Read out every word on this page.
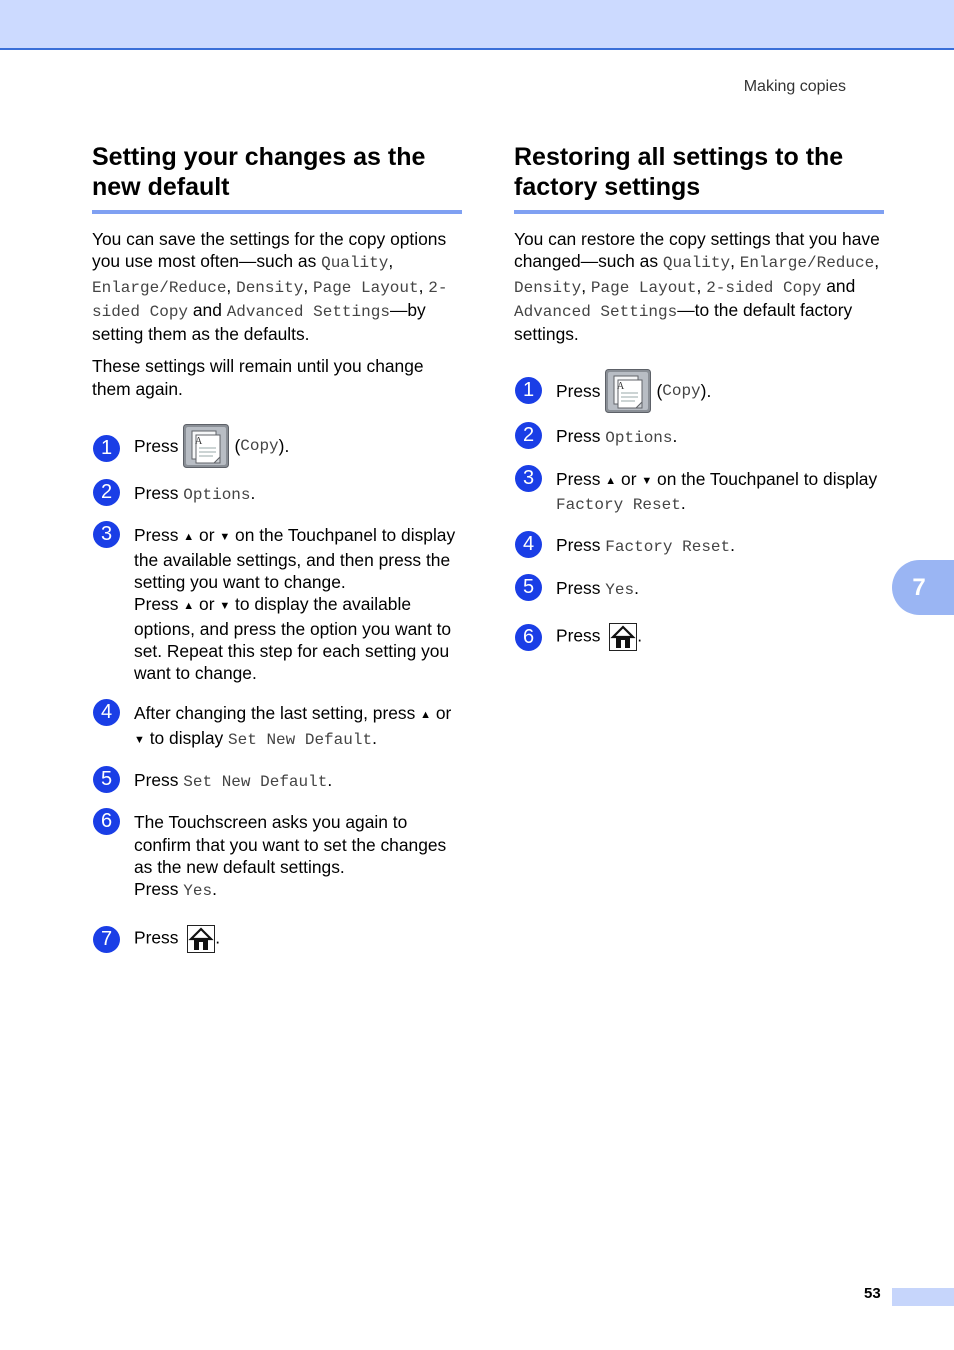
Making copies
Setting your changes as the new default

You can save the settings for the copy options you use most often—such as Quality, Enlarge/Reduce, Density, Page Layout, 2-sided Copy and Advanced Settings—by setting them as the defaults.

These settings will remain until you change them again.

1	Press A ( Copy ).
2	Press Options.
3	Press ▲ or ▼ on the Touchpanel to display the available settings, and then press the setting you want to change.
Press ▲ or ▼ to display the available options, and press the option you want to set. Repeat this step for each setting you want to change.
4	After changing the last setting, press ▲ or ▼ to display Set New Default.
5	Press Set New Default.
6	The Touchscreen asks you again to confirm that you want to set the changes as the new default settings.
Press Yes.
7	Press .
Restoring all settings to the factory settings

You can restore the copy settings that you have changed—such as Quality, Enlarge/Reduce, Density, Page Layout, 2-sided Copy and Advanced Settings—to the default factory settings.

1	Press A ( Copy ).
2	Press Options.
3	Press ▲ or ▼ on the Touchpanel to display Factory Reset.
4	Press Factory Reset.
5	Press Yes.
6	Press .
7
53
